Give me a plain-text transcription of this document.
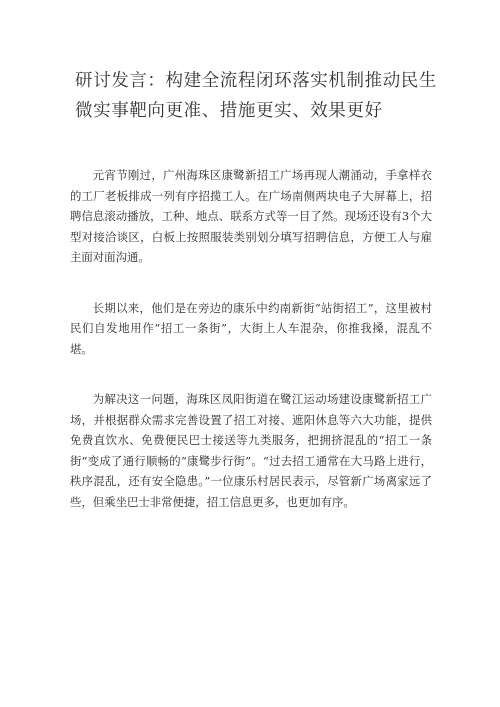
研讨发言：构建全流程闭环落实机制推动民生微实事靶向更准、措施更实、效果更好

元宵节刚过，广州海珠区康鹭新招工广场再现人潮涌动，手拿样衣的工厂老板排成一列有序招揽工人。在广场南侧两块电子大屏幕上，招聘信息滚动播放，工种、地点、联系方式等一目了然。现场还设有3个大型对接洽谈区，白板上按照服装类别划分填写招聘信息，方便工人与雇主面对面沟通。

长期以来，他们是在旁边的康乐中约南新街“站街招工”，这里被村民们自发地用作“招工一条街”，大街上人车混杂，你推我搡，混乱不堪。

为解决这一问题，海珠区凤阳街道在鹭江运动场建设康鹭新招工广场，并根据群众需求完善设置了招工对接、遮阳休息等六大功能，提供免费直饮水、免费便民巴士接送等九类服务，把拥挤混乱的“招工一条街”变成了通行顺畅的“康鹭步行街”。“过去招工通常在大马路上进行，秩序混乱，还有安全隐患。”一位康乐村居民表示，尽管新广场离家远了些，但乘坐巴士非常便捷，招工信息更多，也更加有序。
